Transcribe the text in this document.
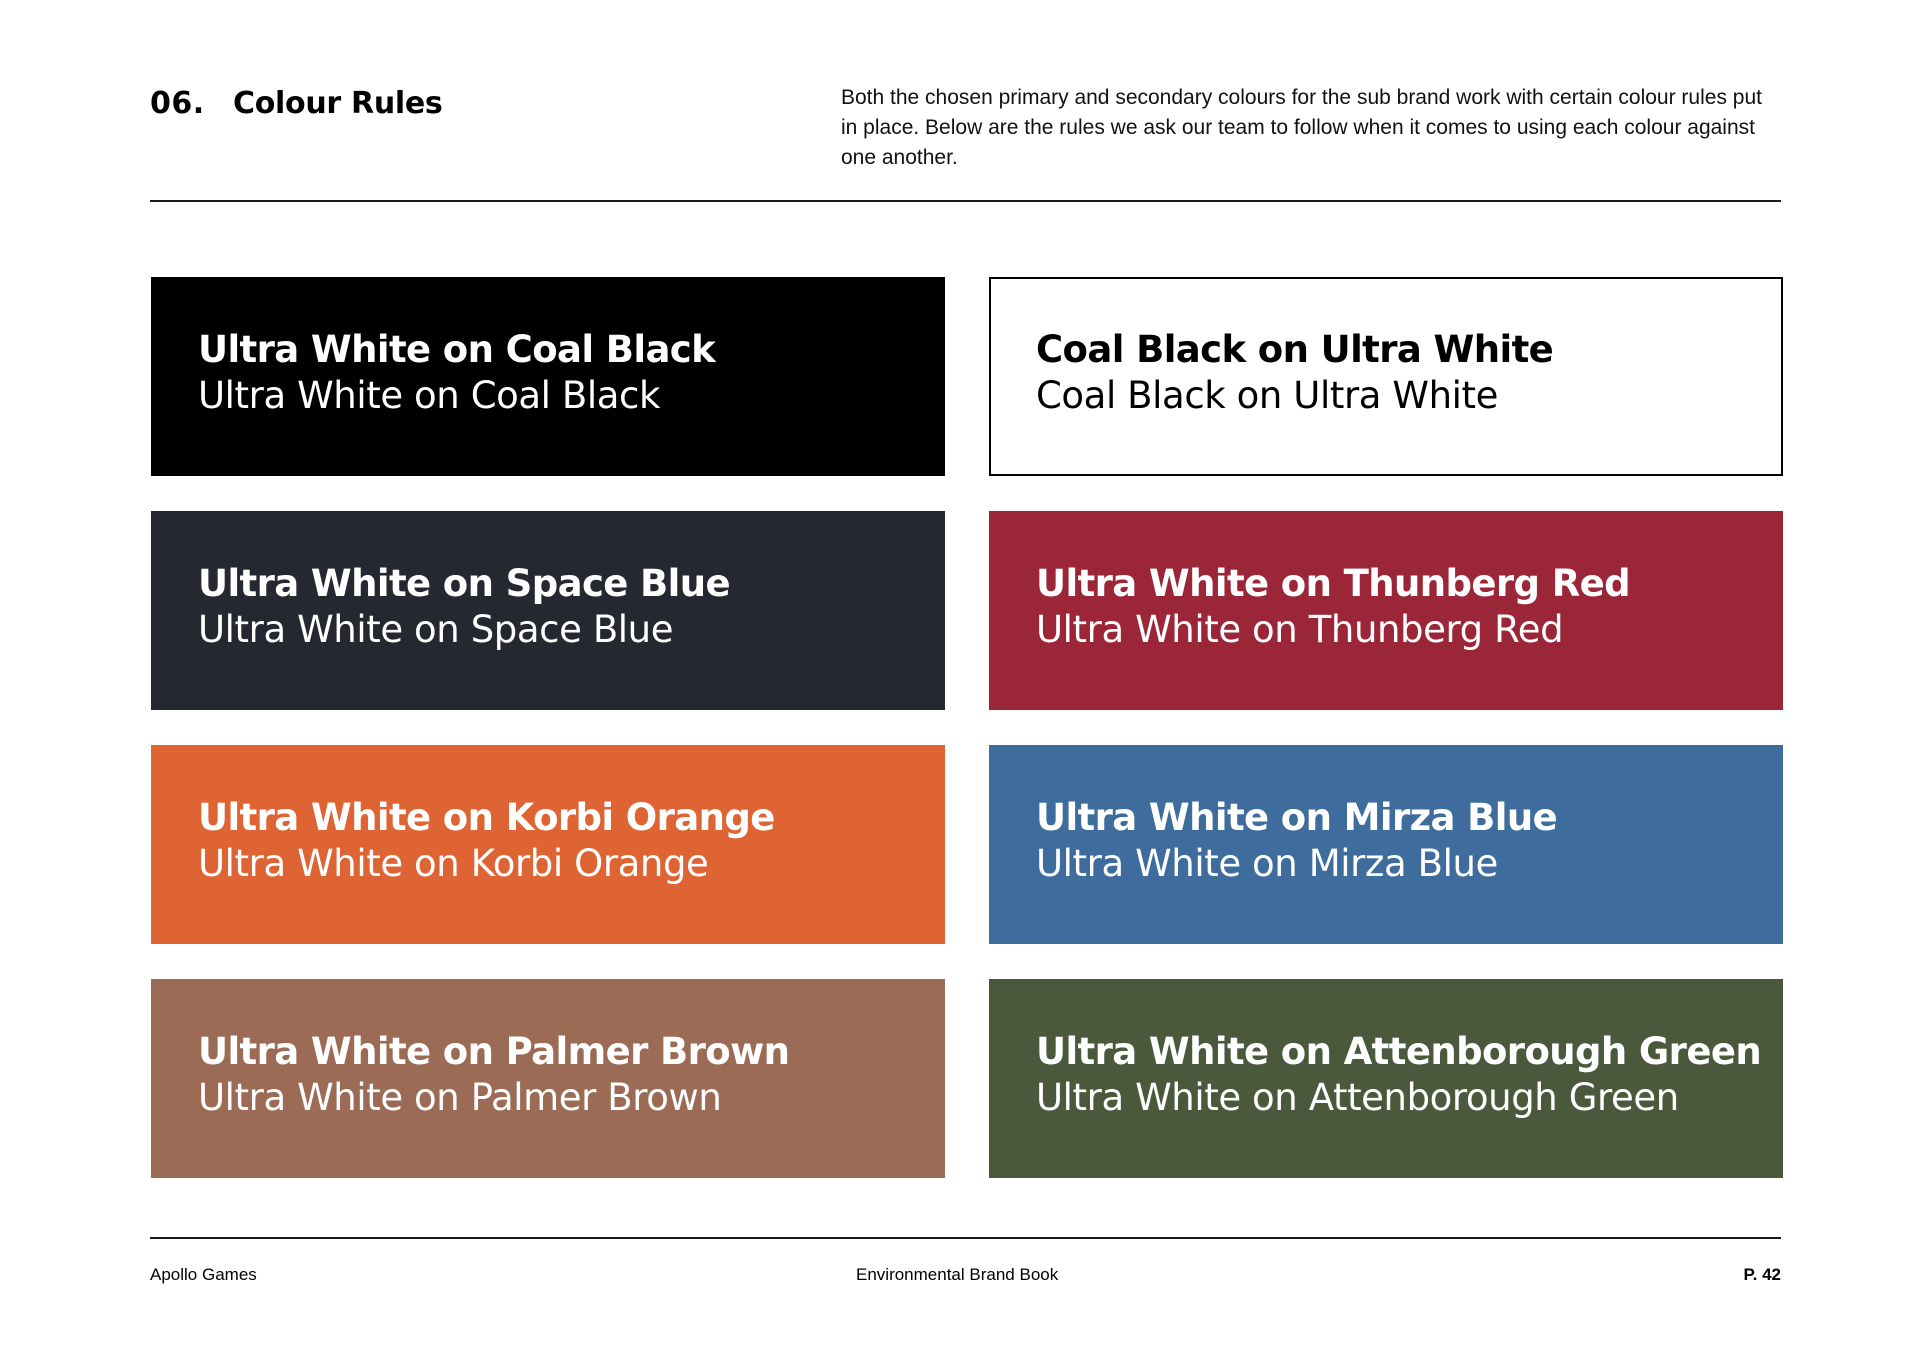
06. Colour Rules	Both the chosen primary and secondary colours for the sub brand work with certain colour rules put in place. Below are the rules we ask our team to follow when it comes to using each colour against one another.

Ultra White on Coal Black
Ultra White on Coal Black
Coal Black on Ultra White
Coal Black on Ultra White
Ultra White on Space Blue
Ultra White on Space Blue
Ultra White on Thunberg Red
Ultra White on Thunberg Red
Ultra White on Korbi Orange
Ultra White on Korbi Orange
Ultra White on Mirza Blue
Ultra White on Mirza Blue
Ultra White on Palmer Brown
Ultra White on Palmer Brown
Ultra White on Attenborough Green
Ultra White on Attenborough Green
Apollo Games	Environmental Brand Book	P. 42
